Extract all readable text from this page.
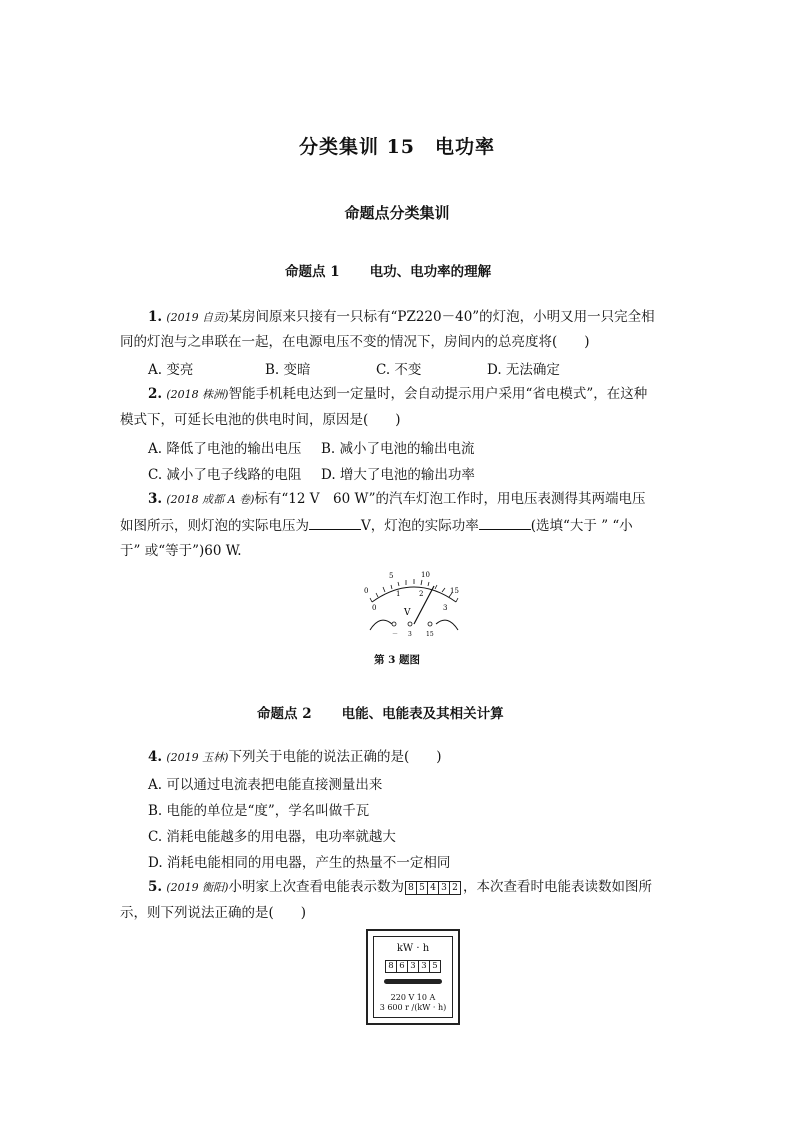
分类集训 15　电功率
命题点分类集训
命题点 1 电功、电功率的理解
1. (2019 自贡)某房间原来只接有一只标有“PZ220－40”的灯泡，小明又用一只完全相
同的灯泡与之串联在一起，在电源电压不变的情况下，房间内的总亮度将(　　)
A. 变亮	B. 变暗	C. 不变	D. 无法确定
2. (2018 株洲)智能手机耗电达到一定量时，会自动提示用户采用“省电模式”，在这种
模式下，可延长电池的供电时间，原因是(　　)
A. 降低了电池的输出电压 B. 减小了电池的输出电流
C. 减小了电子线路的电阻 D. 增大了电池的输出功率
3. (2018 成都 A 卷)标有“12 V　60 W”的汽车灯泡工作时，用电压表测得其两端电压
如图所示，则灯泡的实际电压为	V，灯泡的实际功率	(选填“大于 ” “小
于” 或“等于”)60 W.
0
5	10
15
0
1	2
3
V
－ 3 15
第 3 题图
命题点 2 电能、电能表及其相关计算
4. (2019 玉林)下列关于电能的说法正确的是(　　)
A. 可以通过电流表把电能直接测量出来
B. 电能的单位是“度”，学名叫做千瓦
C. 消耗电能越多的用电器，电功率就越大
D. 消耗电能相同的用电器，产生的热量不一定相同
5. (2019 衡阳)小明家上次查看电能表示数为 8 5 4 3 2 ，本次查看时电能表读数如图所
示，则下列说法正确的是(　　)
kW · h
8 6 3 3 5
220 V 10 A
3 600 r /(kW · h)
